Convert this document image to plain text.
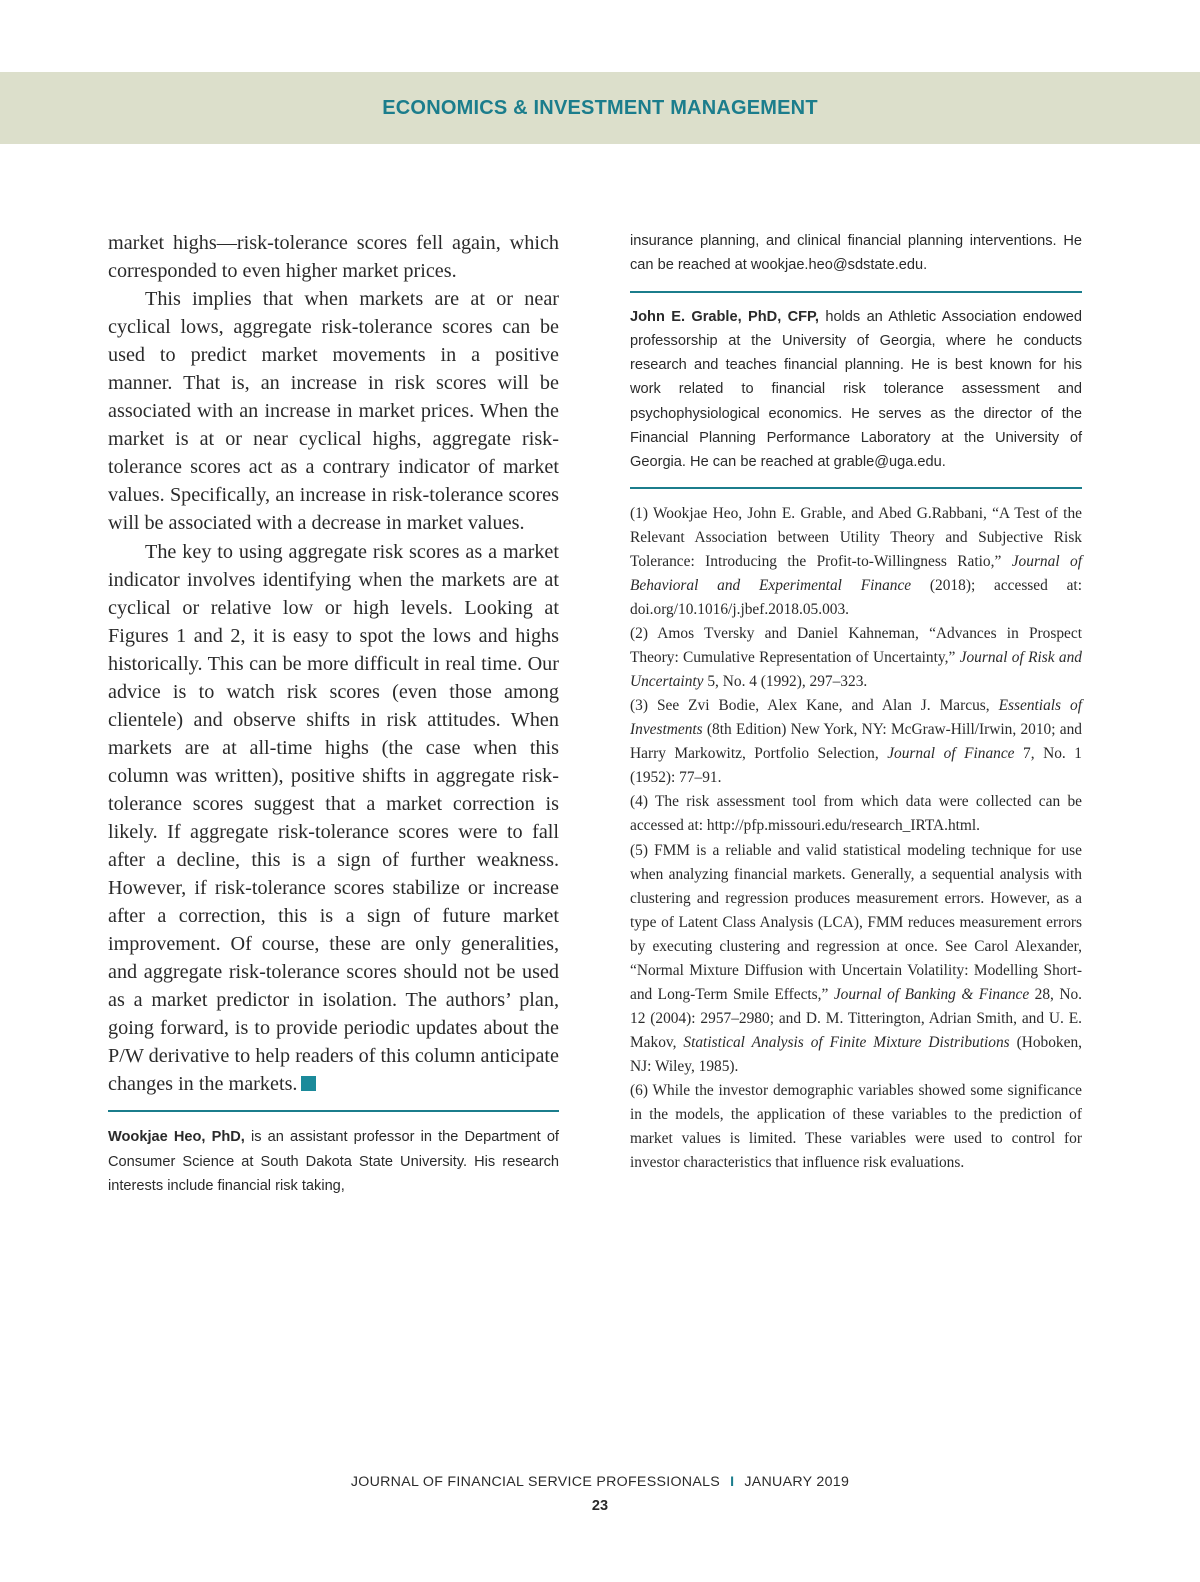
ECONOMICS & INVESTMENT MANAGEMENT

market highs—risk-tolerance scores fell again, which corresponded to even higher market prices.

This implies that when markets are at or near cyclical lows, aggregate risk-tolerance scores can be used to predict market movements in a positive manner. That is, an increase in risk scores will be associated with an increase in market prices. When the market is at or near cyclical highs, aggregate risk-tolerance scores act as a contrary indicator of market values. Specifically, an increase in risk-tolerance scores will be associated with a decrease in market values.

The key to using aggregate risk scores as a market indicator involves identifying when the markets are at cyclical or relative low or high levels. Looking at Figures 1 and 2, it is easy to spot the lows and highs historically. This can be more difficult in real time. Our advice is to watch risk scores (even those among clientele) and observe shifts in risk attitudes. When markets are at all-time highs (the case when this column was written), positive shifts in aggregate risk-tolerance scores suggest that a market correction is likely. If aggregate risk-tolerance scores were to fall after a decline, this is a sign of further weakness. However, if risk-tolerance scores stabilize or increase after a correction, this is a sign of future market improvement. Of course, these are only generalities, and aggregate risk-tolerance scores should not be used as a market predictor in isolation. The authors’ plan, going forward, is to provide periodic updates about the P/W derivative to help readers of this column anticipate changes in the markets.

Wookjae Heo, PhD, is an assistant professor in the Department of Consumer Science at South Dakota State University. His research interests include financial risk taking,

insurance planning, and clinical financial planning interventions. He can be reached at wookjae.heo@sdstate.edu.

John E. Grable, PhD, CFP, holds an Athletic Association endowed professorship at the University of Georgia, where he conducts research and teaches financial planning. He is best known for his work related to financial risk tolerance assessment and psychophysiological economics. He serves as the director of the Financial Planning Performance Laboratory at the University of Georgia. He can be reached at grable@uga.edu.

(1) Wookjae Heo, John E. Grable, and Abed G.Rabbani, “A Test of the Relevant Association between Utility Theory and Subjective Risk Tolerance: Introducing the Profit-to-Willingness Ratio,” Journal of Behavioral and Experimental Finance (2018); accessed at: doi.org/10.1016/j.jbef.2018.05.003.

(2) Amos Tversky and Daniel Kahneman, “Advances in Prospect Theory: Cumulative Representation of Uncertainty,” Journal of Risk and Uncertainty 5, No. 4 (1992), 297–323.

(3) See Zvi Bodie, Alex Kane, and Alan J. Marcus, Essentials of Investments (8th Edition) New York, NY: McGraw-Hill/Irwin, 2010; and Harry Markowitz, Portfolio Selection, Journal of Finance 7, No. 1 (1952): 77–91.

(4) The risk assessment tool from which data were collected can be accessed at: http://pfp.missouri.edu/research_IRTA.html.

(5) FMM is a reliable and valid statistical modeling technique for use when analyzing financial markets. Generally, a sequential analysis with clustering and regression produces measurement errors. However, as a type of Latent Class Analysis (LCA), FMM reduces measurement errors by executing clustering and regression at once. See Carol Alexander, “Normal Mixture Diffusion with Uncertain Volatility: Modelling Short- and Long-Term Smile Effects,” Journal of Banking & Finance 28, No. 12 (2004): 2957–2980; and D. M. Titterington, Adrian Smith, and U. E. Makov, Statistical Analysis of Finite Mixture Distributions (Hoboken, NJ: Wiley, 1985).

(6) While the investor demographic variables showed some significance in the models, the application of these variables to the prediction of market values is limited. These variables were used to control for investor characteristics that influence risk evaluations.

JOURNAL OF FINANCIAL SERVICE PROFESSIONALS I JANUARY 2019
23
